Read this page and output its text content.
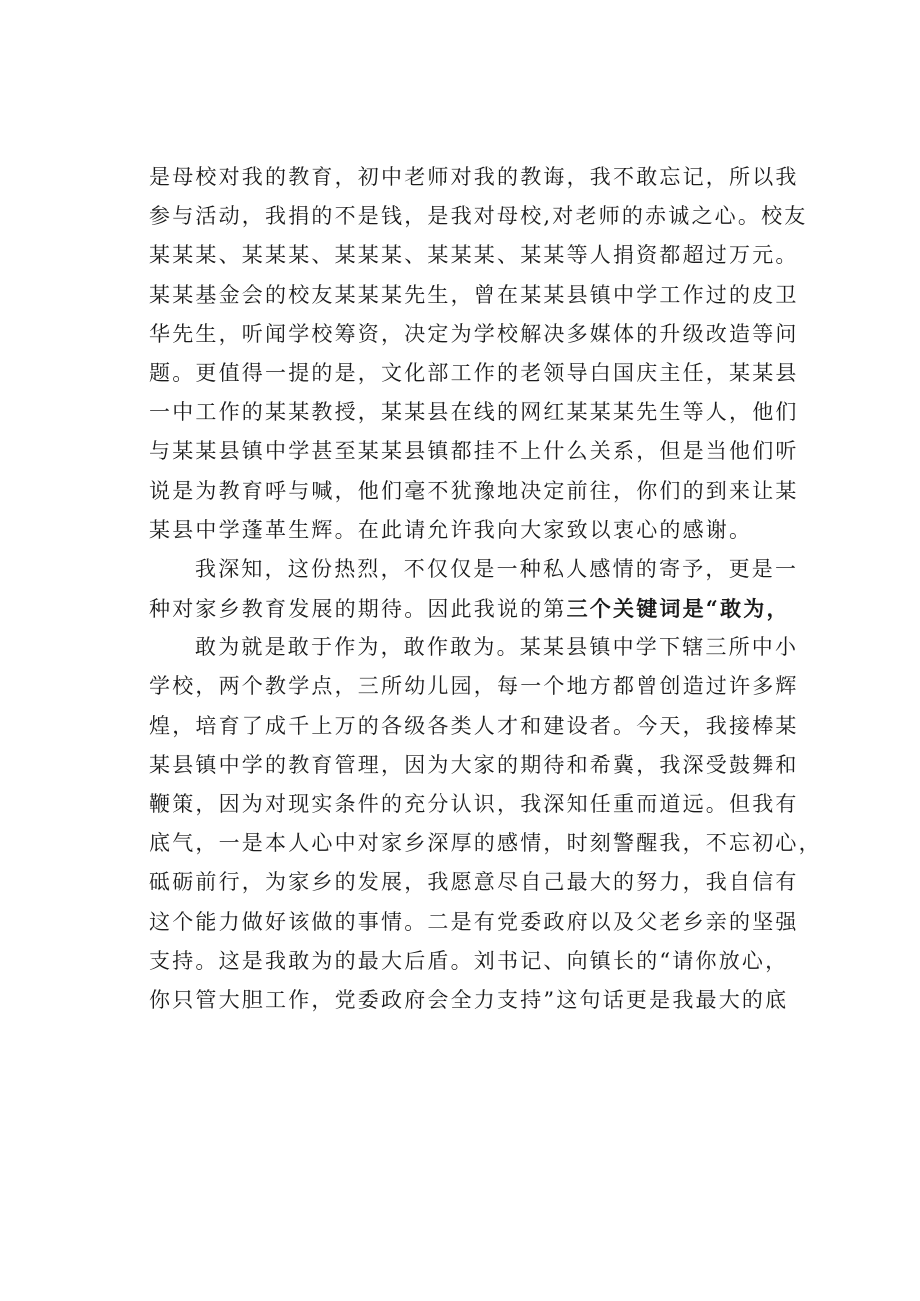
是母校对我的教育，初中老师对我的教诲，我不敢忘记，所以我
参与活动，我捐的不是钱，是我对母校,对老师的赤诚之心。校友
某某某、某某某、某某某、某某某、某某等人捐资都超过万元。
某某基金会的校友某某某先生，曾在某某县镇中学工作过的皮卫
华先生，听闻学校筹资，决定为学校解决多媒体的升级改造等问
题。更值得一提的是，文化部工作的老领导白国庆主任，某某县
一中工作的某某教授，某某县在线的网红某某某先生等人，他们
与某某县镇中学甚至某某县镇都挂不上什么关系，但是当他们听
说是为教育呼与喊，他们毫不犹豫地决定前往，你们的到来让某
某县中学蓬革生辉。在此请允许我向大家致以衷心的感谢。
我深知，这份热烈，不仅仅是一种私人感情的寄予，更是一
种对家乡教育发展的期待。因此我说的第三个关键词是“敢为，
敢为就是敢于作为，敢作敢为。某某县镇中学下辖三所中小
学校，两个教学点，三所幼儿园，每一个地方都曾创造过许多辉
煌，培育了成千上万的各级各类人才和建设者。今天，我接棒某
某县镇中学的教育管理，因为大家的期待和希冀，我深受鼓舞和
鞭策，因为对现实条件的充分认识，我深知任重而道远。但我有
底气，一是本人心中对家乡深厚的感情，时刻警醒我，不忘初心，
砥砺前行，为家乡的发展，我愿意尽自己最大的努力，我自信有
这个能力做好该做的事情。二是有党委政府以及父老乡亲的坚强
支持。这是我敢为的最大后盾。刘书记、向镇长的“请你放心，
你只管大胆工作，党委政府会全力支持”这句话更是我最大的底
